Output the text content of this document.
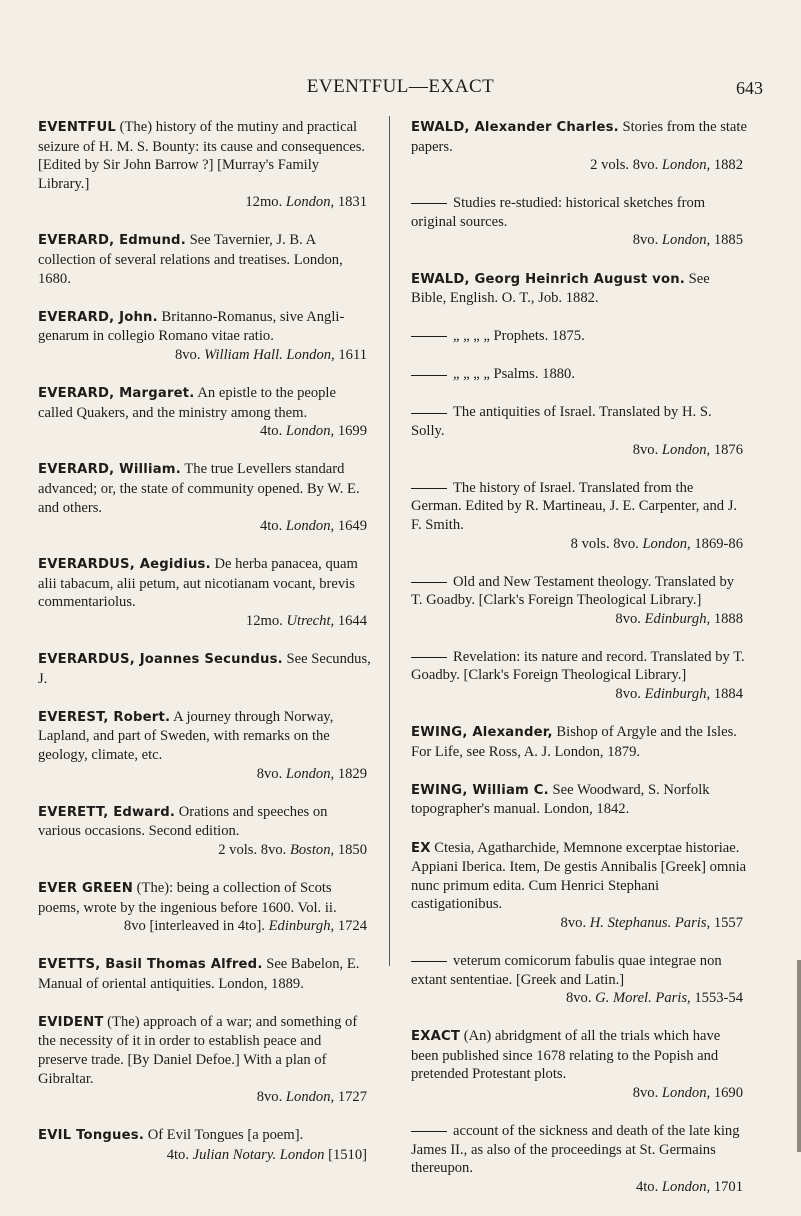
EVENTFUL—EXACT	643
EVENTFUL (The) history of the mutiny and practical seizure of H. M. S. Bounty: its cause and consequences. [Edited by Sir John Barrow ?] [Murray's Family Library.]
12mo. London, 1831
EVERARD, Edmund. See Tavernier, J. B. A collection of several relations and treatises. London, 1680.
EVERARD, John. Britanno-Romanus, sive Angli-genarum in collegio Romano vitae ratio.
8vo. William Hall. London, 1611
EVERARD, Margaret. An epistle to the people called Quakers, and the ministry among them.
4to. London, 1699
EVERARD, William. The true Levellers standard advanced; or, the state of community opened. By W. E. and others.
4to. London, 1649
EVERARDUS, Aegidius. De herba panacea, quam alii tabacum, alii petum, aut nicotianam vocant, brevis commentariolus.
12mo. Utrecht, 1644
EVERARDUS, Joannes Secundus. See Secundus, J.
EVEREST, Robert. A journey through Norway, Lapland, and part of Sweden, with remarks on the geology, climate, etc.
8vo. London, 1829
EVERETT, Edward. Orations and speeches on various occasions. Second edition.
2 vols. 8vo. Boston, 1850
EVER GREEN (The): being a collection of Scots poems, wrote by the ingenious before 1600. Vol. ii.
8vo [interleaved in 4to]. Edinburgh, 1724
EVETTS, Basil Thomas Alfred. See Babelon, E. Manual of oriental antiquities. London, 1889.
EVIDENT (The) approach of a war; and something of the necessity of it in order to establish peace and preserve trade. [By Daniel Defoe.] With a plan of Gibraltar.
8vo. London, 1727
EVIL Tongues. Of Evil Tongues [a poem].
4to. Julian Notary. London [1510]
EWALD, Alexander Charles. Stories from the state papers.
2 vols. 8vo. London, 1882
Studies re-studied: historical sketches from original sources.
8vo. London, 1885
EWALD, Georg Heinrich August von. See Bible, English. O. T., Job. 1882.
„ „ „ „ Prophets. 1875.
„ „ „ „ Psalms. 1880.
The antiquities of Israel. Translated by H. S. Solly.
8vo. London, 1876
The history of Israel. Translated from the German. Edited by R. Martineau, J. E. Carpenter, and J. F. Smith.
8 vols. 8vo. London, 1869-86
Old and New Testament theology. Translated by T. Goadby. [Clark's Foreign Theological Library.]
8vo. Edinburgh, 1888
Revelation: its nature and record. Translated by T. Goadby. [Clark's Foreign Theological Library.]
8vo. Edinburgh, 1884
EWING, Alexander, Bishop of Argyle and the Isles. For Life, see Ross, A. J. London, 1879.
EWING, William C. See Woodward, S. Norfolk topographer's manual. London, 1842.
EX Ctesia, Agatharchide, Memnone excerptae historiae. Appiani Iberica. Item, De gestis Annibalis [Greek] omnia nunc primum edita. Cum Henrici Stephani castigationibus.
8vo. H. Stephanus. Paris, 1557
veterum comicorum fabulis quae integrae non extant sententiae. [Greek and Latin.]
8vo. G. Morel. Paris, 1553-54
EXACT (An) abridgment of all the trials which have been published since 1678 relating to the Popish and pretended Protestant plots.
8vo. London, 1690
account of the sickness and death of the late king James II., as also of the proceedings at St. Germains thereupon.
4to. London, 1701
